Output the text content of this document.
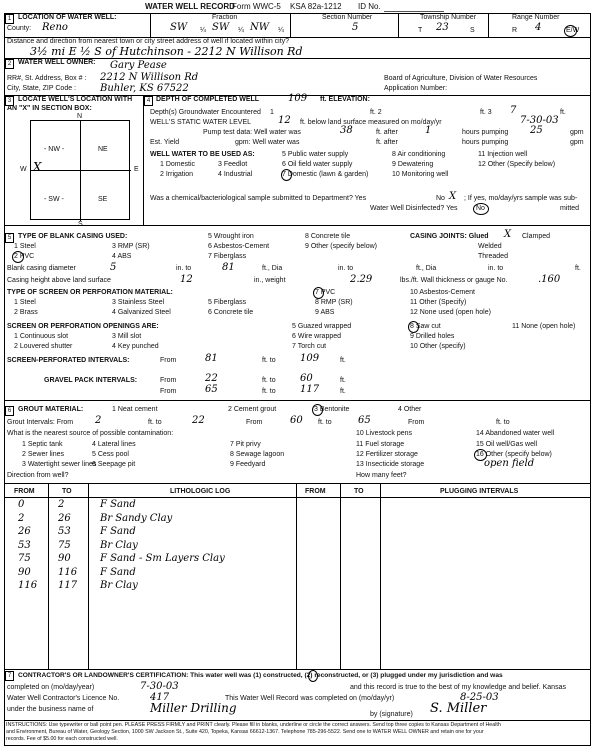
WATER WELL RECORD
Form WWC-5 KSA 82a-1212 ID No.
1 LOCATION OF WATER WELL:
County: Reno
Fraction
SW ¼ SW ¼ NW ¼
Section Number
5
Township Number
T 23	S
Range Number
R 4	E/W
Distance and direction from nearest town or city street address of well if located within city?
3½ mi E ½ S of Hutchinson - 2212 N Willison Rd
2 WATER WELL OWNER: Gary Pease
RR#, St. Address, Box # : 2212 N Willison Rd
City, State, ZIP Code : Buhler, KS 67522
Board of Agriculture, Division of Water Resources
Application Number:
3 LOCATE WELL'S LOCATION WITH
AN "X" IN SECTION BOX:
N
S
W	E
- NW -	NE
- SW -	SE
X
4 DEPTH OF COMPLETED WELL	109 ft. ELEVATION:
Depth(s) Groundwater Encountered 1	ft. 2	ft. 3 7	ft.
WELL'S STATIC WATER LEVEL	12 ft. below land surface measured on mo/day/yr	7-30-03
Pump test data: Well water was	38	ft. after	1	hours pumping 25	gpm
Est. Yield	gpm: Well water was	ft. after	hours pumping	gpm
WELL WATER TO BE USED AS:
1 Domestic	3 Feedlot
5 Public water supply	8 Air conditioning	11 Injection well
2 Irrigation	4 Industrial
6 Oil field water supply	9 Dewatering	12 Other (Specify below)
7 Domestic (lawn & garden)	10 Monitoring well
Was a chemical/bacteriological sample submitted to Department? Yes	No X ; If yes, mo/day/yrs sample was sub-
mitted
Water Well Disinfected? Yes	No
5 TYPE OF BLANK CASING USED:
1 Steel	3 RMP (SR)
5 Wrought iron	8 Concrete tile
2 PVC	4 ABS
6 Asbestos-Cement	9 Other (specify below)
7 Fiberglass
CASING JOINTS: Glued X Clamped
Welded
Threaded
Blank casing diameter	5	in. to	81	ft., Dia	in. to	ft., Dia	in. to	ft.
Casing height above land surface	12	in., weight	2.29	lbs./ft. Wall thickness or gauge No.	.160
TYPE OF SCREEN OR PERFORATION MATERIAL:
1 Steel	3 Stainless Steel	5 Fiberglass
7 PVC	10 Asbestos-Cement
2 Brass	4 Galvanized Steel	6 Concrete tile
8 RMP (SR)	11 Other (Specify)
9 ABS	12 None used (open hole)
SCREEN OR PERFORATION OPENINGS ARE:	5 Guazed wrapped	8 Saw cut	11 None (open hole)
1 Continuous slot	3 Mill slot	6 Wire wrapped	9 Drilled holes
2 Louvered shutter	4 Key punched	7 Torch cut	10 Other (specify)
SCREEN-PERFORATED INTERVALS:	From	81	ft. to 109	ft.
GRAVEL PACK INTERVALS:	From	22	ft. to 60	ft.
From	65	ft. to 117	ft.
6 GROUT MATERIAL:	1 Neat cement	2 Cement grout	3 Bentonite	4 Other
Grout Intervals: From 2	ft. to	22	From	60 ft. to	65	From	ft. to
What is the nearest source of possible contamination:
1 Septic tank	4 Lateral lines	7 Pit privy
10 Livestock pens	14 Abandoned water well
2 Sewer lines	5 Cess pool	8 Sewage lagoon
11 Fuel storage	15 Oil well/Gas well
3 Watertight sewer lines
6 Seepage pit	9 Feedyard
12 Fertilizer storage	16 Other (specify below)
13 Insecticide storage	open field
Direction from well?	How many feet?
FROM	TO	LITHOLOGIC LOG	FROM	TO	PLUGGING INTERVALS
0	2	F Sand
2	26	Br Sandy Clay
26	53	F Sand
53	75	Br Clay
75	90	F Sand - Sm Layers Clay
90	116 F Sand
116 117 Br Clay
7	CONTRACTOR'S OR LANDOWNER'S CERTIFICATION: This water well was (1) constructed, (2) reconstructed, or (3) plugged under my jurisdiction and was
completed on (mo/day/year)	7-30-03	and this record is true to the best of my knowledge and belief. Kansas
Water Well Contractor's Licence No.	417	This Water Well Record was completed on (mo/day/yr)	8-25-03
under the business name of	Miller Drilling	by (signature) S. Miller
INSTRUCTIONS: Use typewriter or ball point pen. PLEASE PRESS FIRMLY and PRINT clearly. Please fill in blanks, underline or circle the correct answers. Send top three copies to Kansas Department of Health
and Environment, Bureau of Water, Geology Section, 1000 SW Jackson St., Suite 420, Topeka, Kansas 66612-1367. Telephone 785-296-5522. Send one to WATER WELL OWNER and retain one for your
records. Fee of $5.00 for each constructed well.
